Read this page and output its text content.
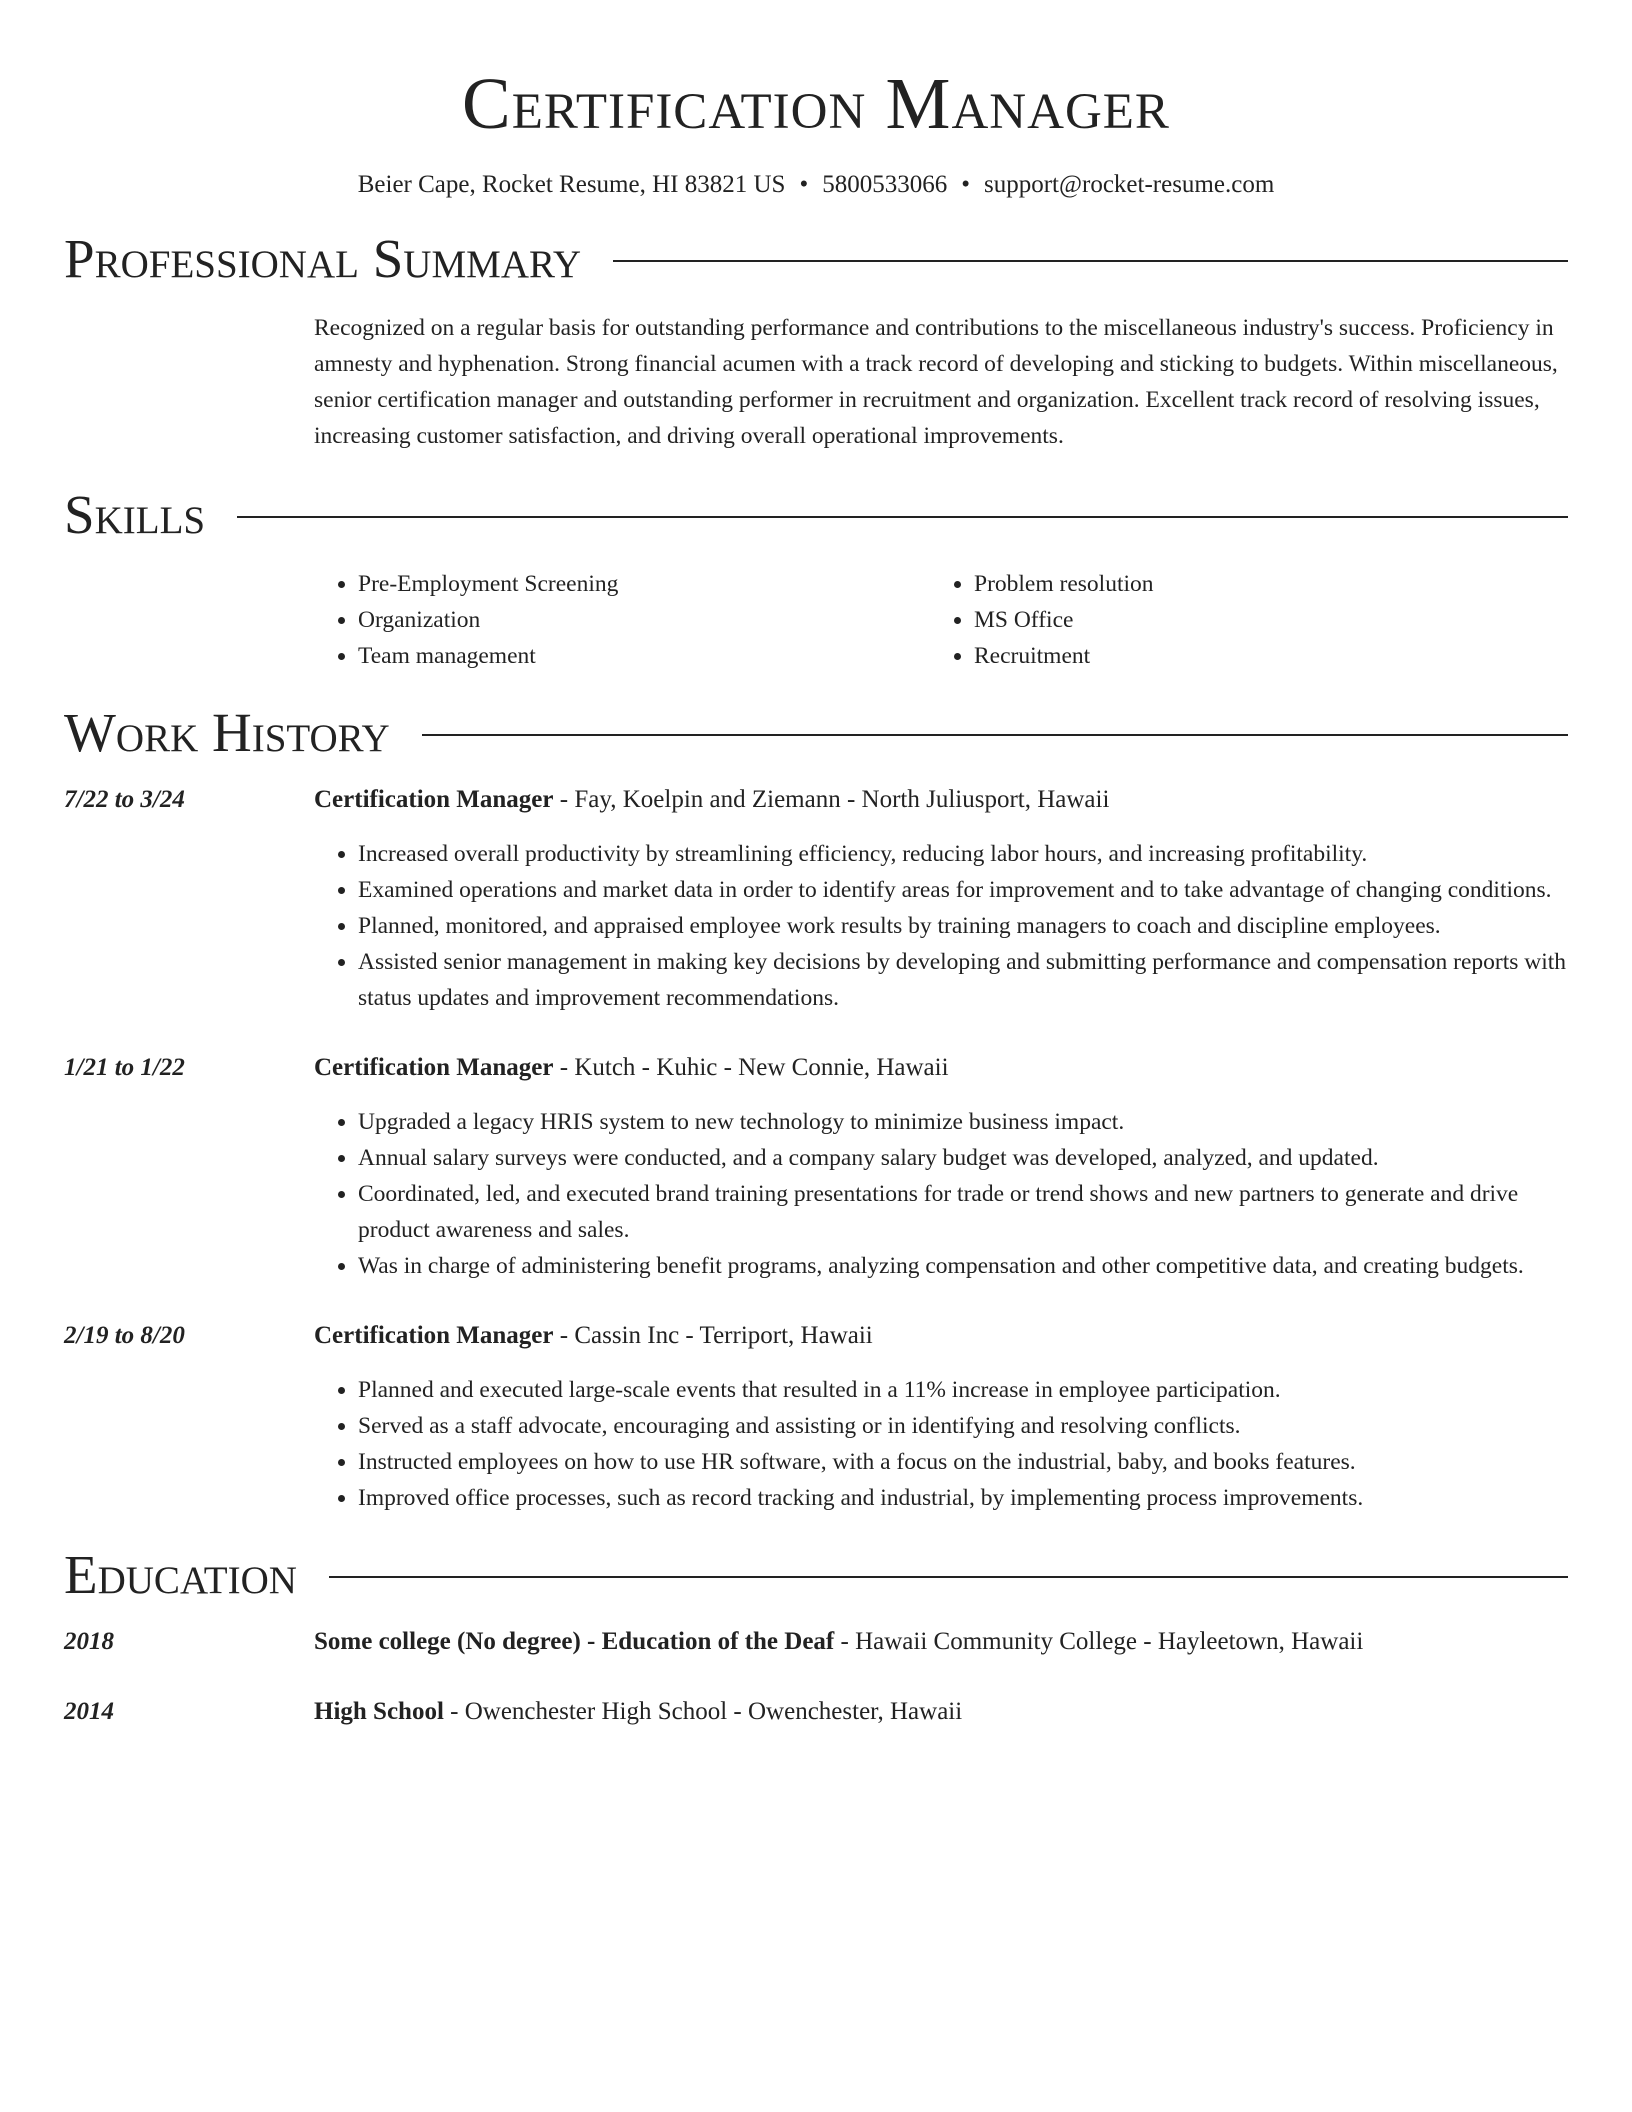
Certification Manager
Beier Cape, Rocket Resume, HI 83821 US • 5800533066 • support@rocket-resume.com
Professional Summary
Recognized on a regular basis for outstanding performance and contributions to the miscellaneous industry's success. Proficiency in amnesty and hyphenation. Strong financial acumen with a track record of developing and sticking to budgets. Within miscellaneous, senior certification manager and outstanding performer in recruitment and organization. Excellent track record of resolving issues, increasing customer satisfaction, and driving overall operational improvements.
Skills
• Pre-Employment Screening
• Organization
• Team management
• Problem resolution
• MS Office
• Recruitment
Work History
7/22 to 3/24	Certification Manager - Fay, Koelpin and Ziemann - North Juliusport, Hawaii
• Increased overall productivity by streamlining efficiency, reducing labor hours, and increasing profitability.
• Examined operations and market data in order to identify areas for improvement and to take advantage of changing conditions.
• Planned, monitored, and appraised employee work results by training managers to coach and discipline employees.
• Assisted senior management in making key decisions by developing and submitting performance and compensation reports with status updates and improvement recommendations.
1/21 to 1/22	Certification Manager - Kutch - Kuhic - New Connie, Hawaii
• Upgraded a legacy HRIS system to new technology to minimize business impact.
• Annual salary surveys were conducted, and a company salary budget was developed, analyzed, and updated.
• Coordinated, led, and executed brand training presentations for trade or trend shows and new partners to generate and drive product awareness and sales.
• Was in charge of administering benefit programs, analyzing compensation and other competitive data, and creating budgets.
2/19 to 8/20	Certification Manager - Cassin Inc - Terriport, Hawaii
• Planned and executed large-scale events that resulted in a 11% increase in employee participation.
• Served as a staff advocate, encouraging and assisting or in identifying and resolving conflicts.
• Instructed employees on how to use HR software, with a focus on the industrial, baby, and books features.
• Improved office processes, such as record tracking and industrial, by implementing process improvements.
Education
2018	Some college (No degree) - Education of the Deaf - Hawaii Community College - Hayleetown, Hawaii
2014	High School - Owenchester High School - Owenchester, Hawaii
